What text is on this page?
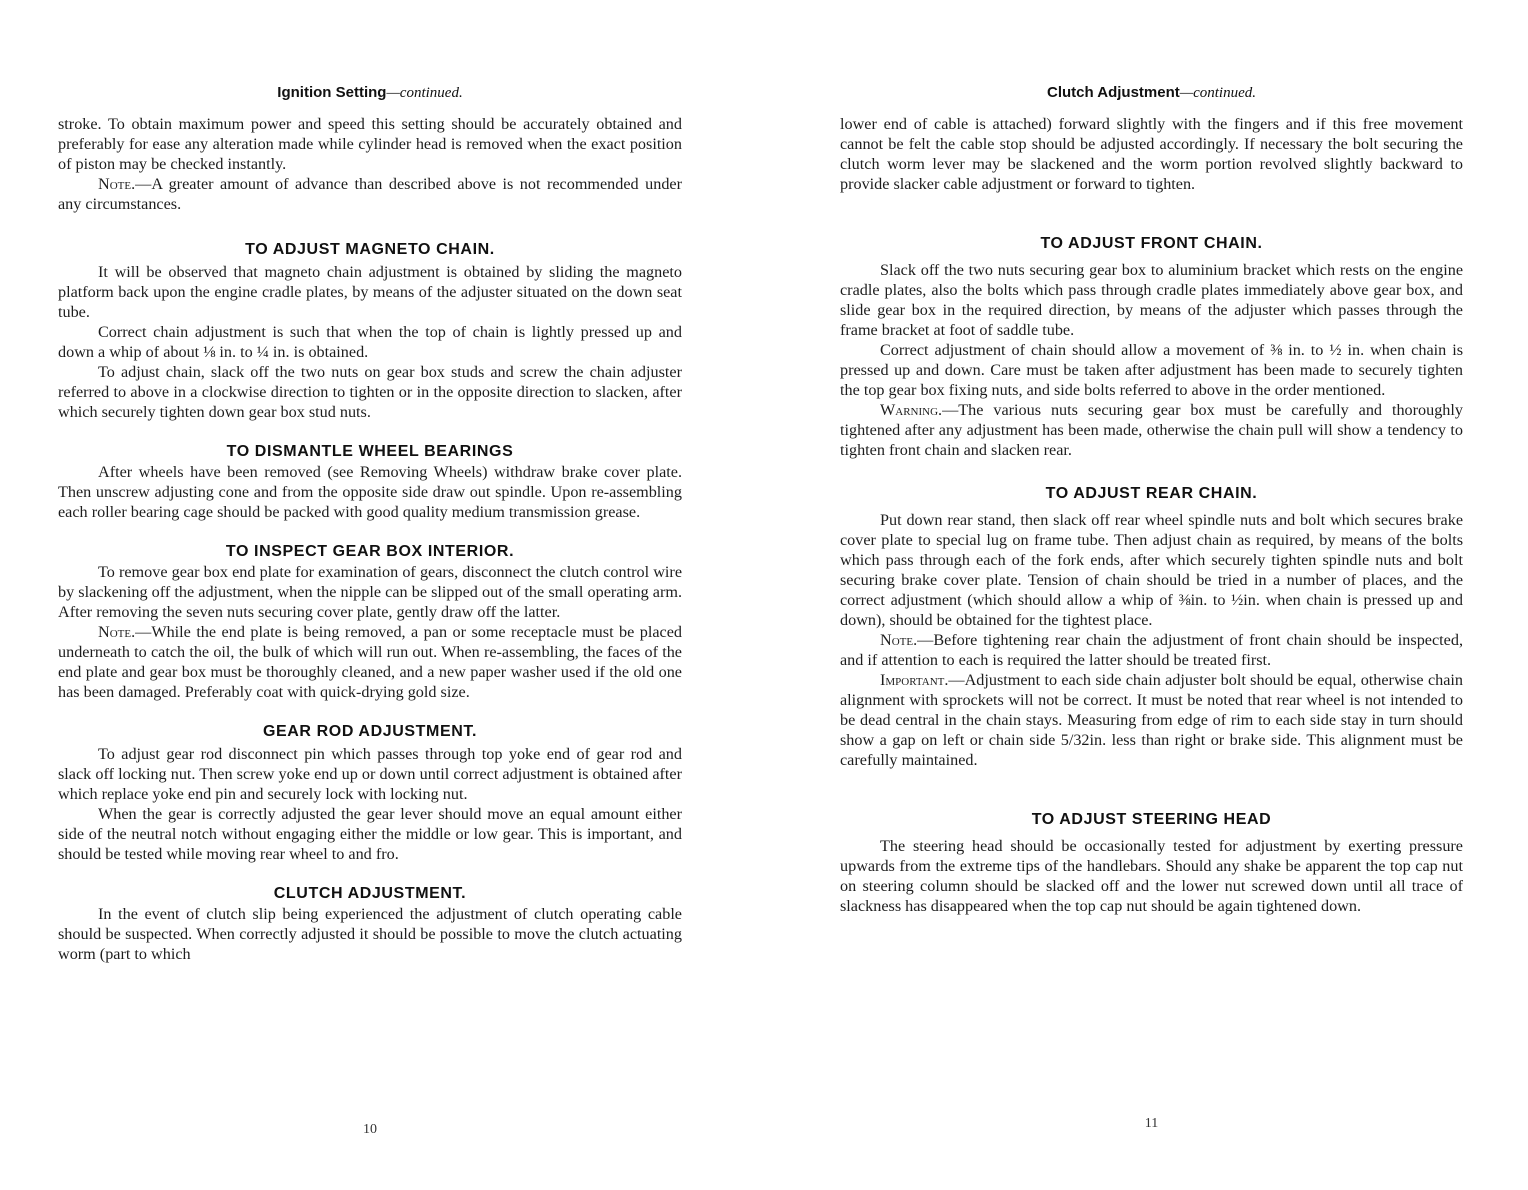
Ignition Setting—continued.

stroke. To obtain maximum power and speed this setting should be accurately obtained and preferably for ease any alteration made while cylinder head is removed when the exact position of piston may be checked instantly.

Note.—A greater amount of advance than described above is not recommended under any circumstances.

TO ADJUST MAGNETO CHAIN.

It will be observed that magneto chain adjustment is obtained by sliding the magneto platform back upon the engine cradle plates, by means of the adjuster situated on the down seat tube.

Correct chain adjustment is such that when the top of chain is lightly pressed up and down a whip of about ⅛ in. to ¼ in. is obtained.

To adjust chain, slack off the two nuts on gear box studs and screw the chain adjuster referred to above in a clockwise direction to tighten or in the opposite direction to slacken, after which securely tighten down gear box stud nuts.

TO DISMANTLE WHEEL BEARINGS

After wheels have been removed (see Removing Wheels) withdraw brake cover plate. Then unscrew adjusting cone and from the opposite side draw out spindle. Upon re-assembling each roller bearing cage should be packed with good quality medium transmission grease.

TO INSPECT GEAR BOX INTERIOR.

To remove gear box end plate for examination of gears, disconnect the clutch control wire by slackening off the adjustment, when the nipple can be slipped out of the small operating arm. After removing the seven nuts securing cover plate, gently draw off the latter.

Note.—While the end plate is being removed, a pan or some receptacle must be placed underneath to catch the oil, the bulk of which will run out. When re-assembling, the faces of the end plate and gear box must be thoroughly cleaned, and a new paper washer used if the old one has been damaged. Preferably coat with quick-drying gold size.

GEAR ROD ADJUSTMENT.

To adjust gear rod disconnect pin which passes through top yoke end of gear rod and slack off locking nut. Then screw yoke end up or down until correct adjustment is obtained after which replace yoke end pin and securely lock with locking nut.

When the gear is correctly adjusted the gear lever should move an equal amount either side of the neutral notch without engaging either the middle or low gear. This is important, and should be tested while moving rear wheel to and fro.

CLUTCH ADJUSTMENT.

In the event of clutch slip being experienced the adjustment of clutch operating cable should be suspected. When correctly adjusted it should be possible to move the clutch actuating worm (part to which

10
Clutch Adjustment—continued.

lower end of cable is attached) forward slightly with the fingers and if this free movement cannot be felt the cable stop should be adjusted accordingly. If necessary the bolt securing the clutch worm lever may be slackened and the worm portion revolved slightly backward to provide slacker cable adjustment or forward to tighten.

TO ADJUST FRONT CHAIN.

Slack off the two nuts securing gear box to aluminium bracket which rests on the engine cradle plates, also the bolts which pass through cradle plates immediately above gear box, and slide gear box in the required direction, by means of the adjuster which passes through the frame bracket at foot of saddle tube.

Correct adjustment of chain should allow a movement of ⅜ in. to ½ in. when chain is pressed up and down. Care must be taken after adjustment has been made to securely tighten the top gear box fixing nuts, and side bolts referred to above in the order mentioned.

Warning.—The various nuts securing gear box must be carefully and thoroughly tightened after any adjustment has been made, otherwise the chain pull will show a tendency to tighten front chain and slacken rear.

TO ADJUST REAR CHAIN.

Put down rear stand, then slack off rear wheel spindle nuts and bolt which secures brake cover plate to special lug on frame tube. Then adjust chain as required, by means of the bolts which pass through each of the fork ends, after which securely tighten spindle nuts and bolt securing brake cover plate. Tension of chain should be tried in a number of places, and the correct adjustment (which should allow a whip of ⅜in. to ½in. when chain is pressed up and down), should be obtained for the tightest place.

Note.—Before tightening rear chain the adjustment of front chain should be inspected, and if attention to each is required the latter should be treated first.

Important.—Adjustment to each side chain adjuster bolt should be equal, otherwise chain alignment with sprockets will not be correct. It must be noted that rear wheel is not intended to be dead central in the chain stays. Measuring from edge of rim to each side stay in turn should show a gap on left or chain side 5/32in. less than right or brake side. This alignment must be carefully maintained.

TO ADJUST STEERING HEAD

The steering head should be occasionally tested for adjustment by exerting pressure upwards from the extreme tips of the handlebars. Should any shake be apparent the top cap nut on steering column should be slacked off and the lower nut screwed down until all trace of slackness has disappeared when the top cap nut should be again tightened down.

11
